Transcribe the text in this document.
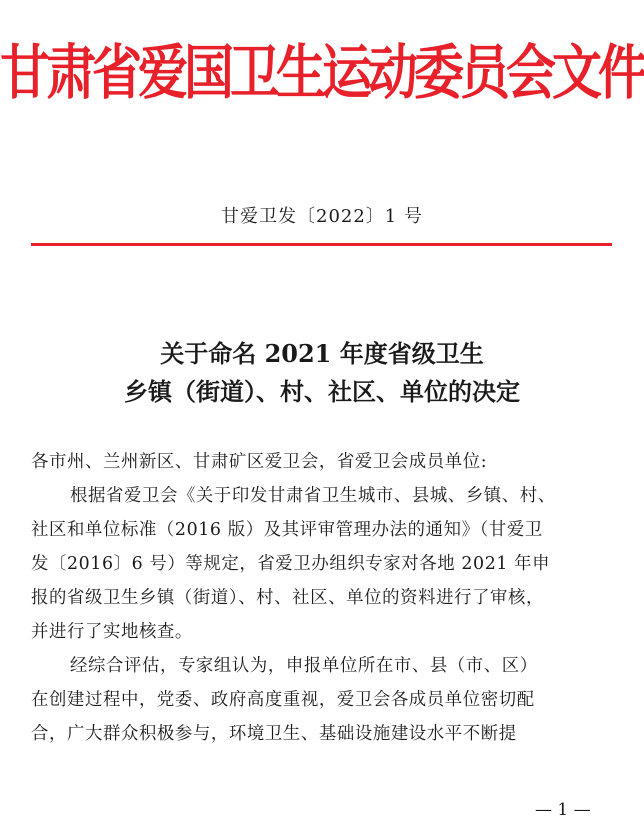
甘肃省爱国卫生运动委员会文件
甘爱卫发〔2022〕1 号
关于命名 2021 年度省级卫生
乡镇（街道）、村、社区、单位的决定
各市州、兰州新区、甘肃矿区爱卫会，省爱卫会成员单位:
根据省爱卫会《关于印发甘肃省卫生城市、县城、乡镇、村、
社区和单位标准（2016 版）及其评审管理办法的通知》（甘爱卫
发〔2016〕6 号）等规定，省爱卫办组织专家对各地 2021 年申
报的省级卫生乡镇（街道）、村、社区、单位的资料进行了审核，
并进行了实地核查。
经综合评估，专家组认为，申报单位所在市、县（市、区）
在创建过程中，党委、政府高度重视，爱卫会各成员单位密切配
合，广大群众积极参与，环境卫生、基础设施建设水平不断提
— 1 —
